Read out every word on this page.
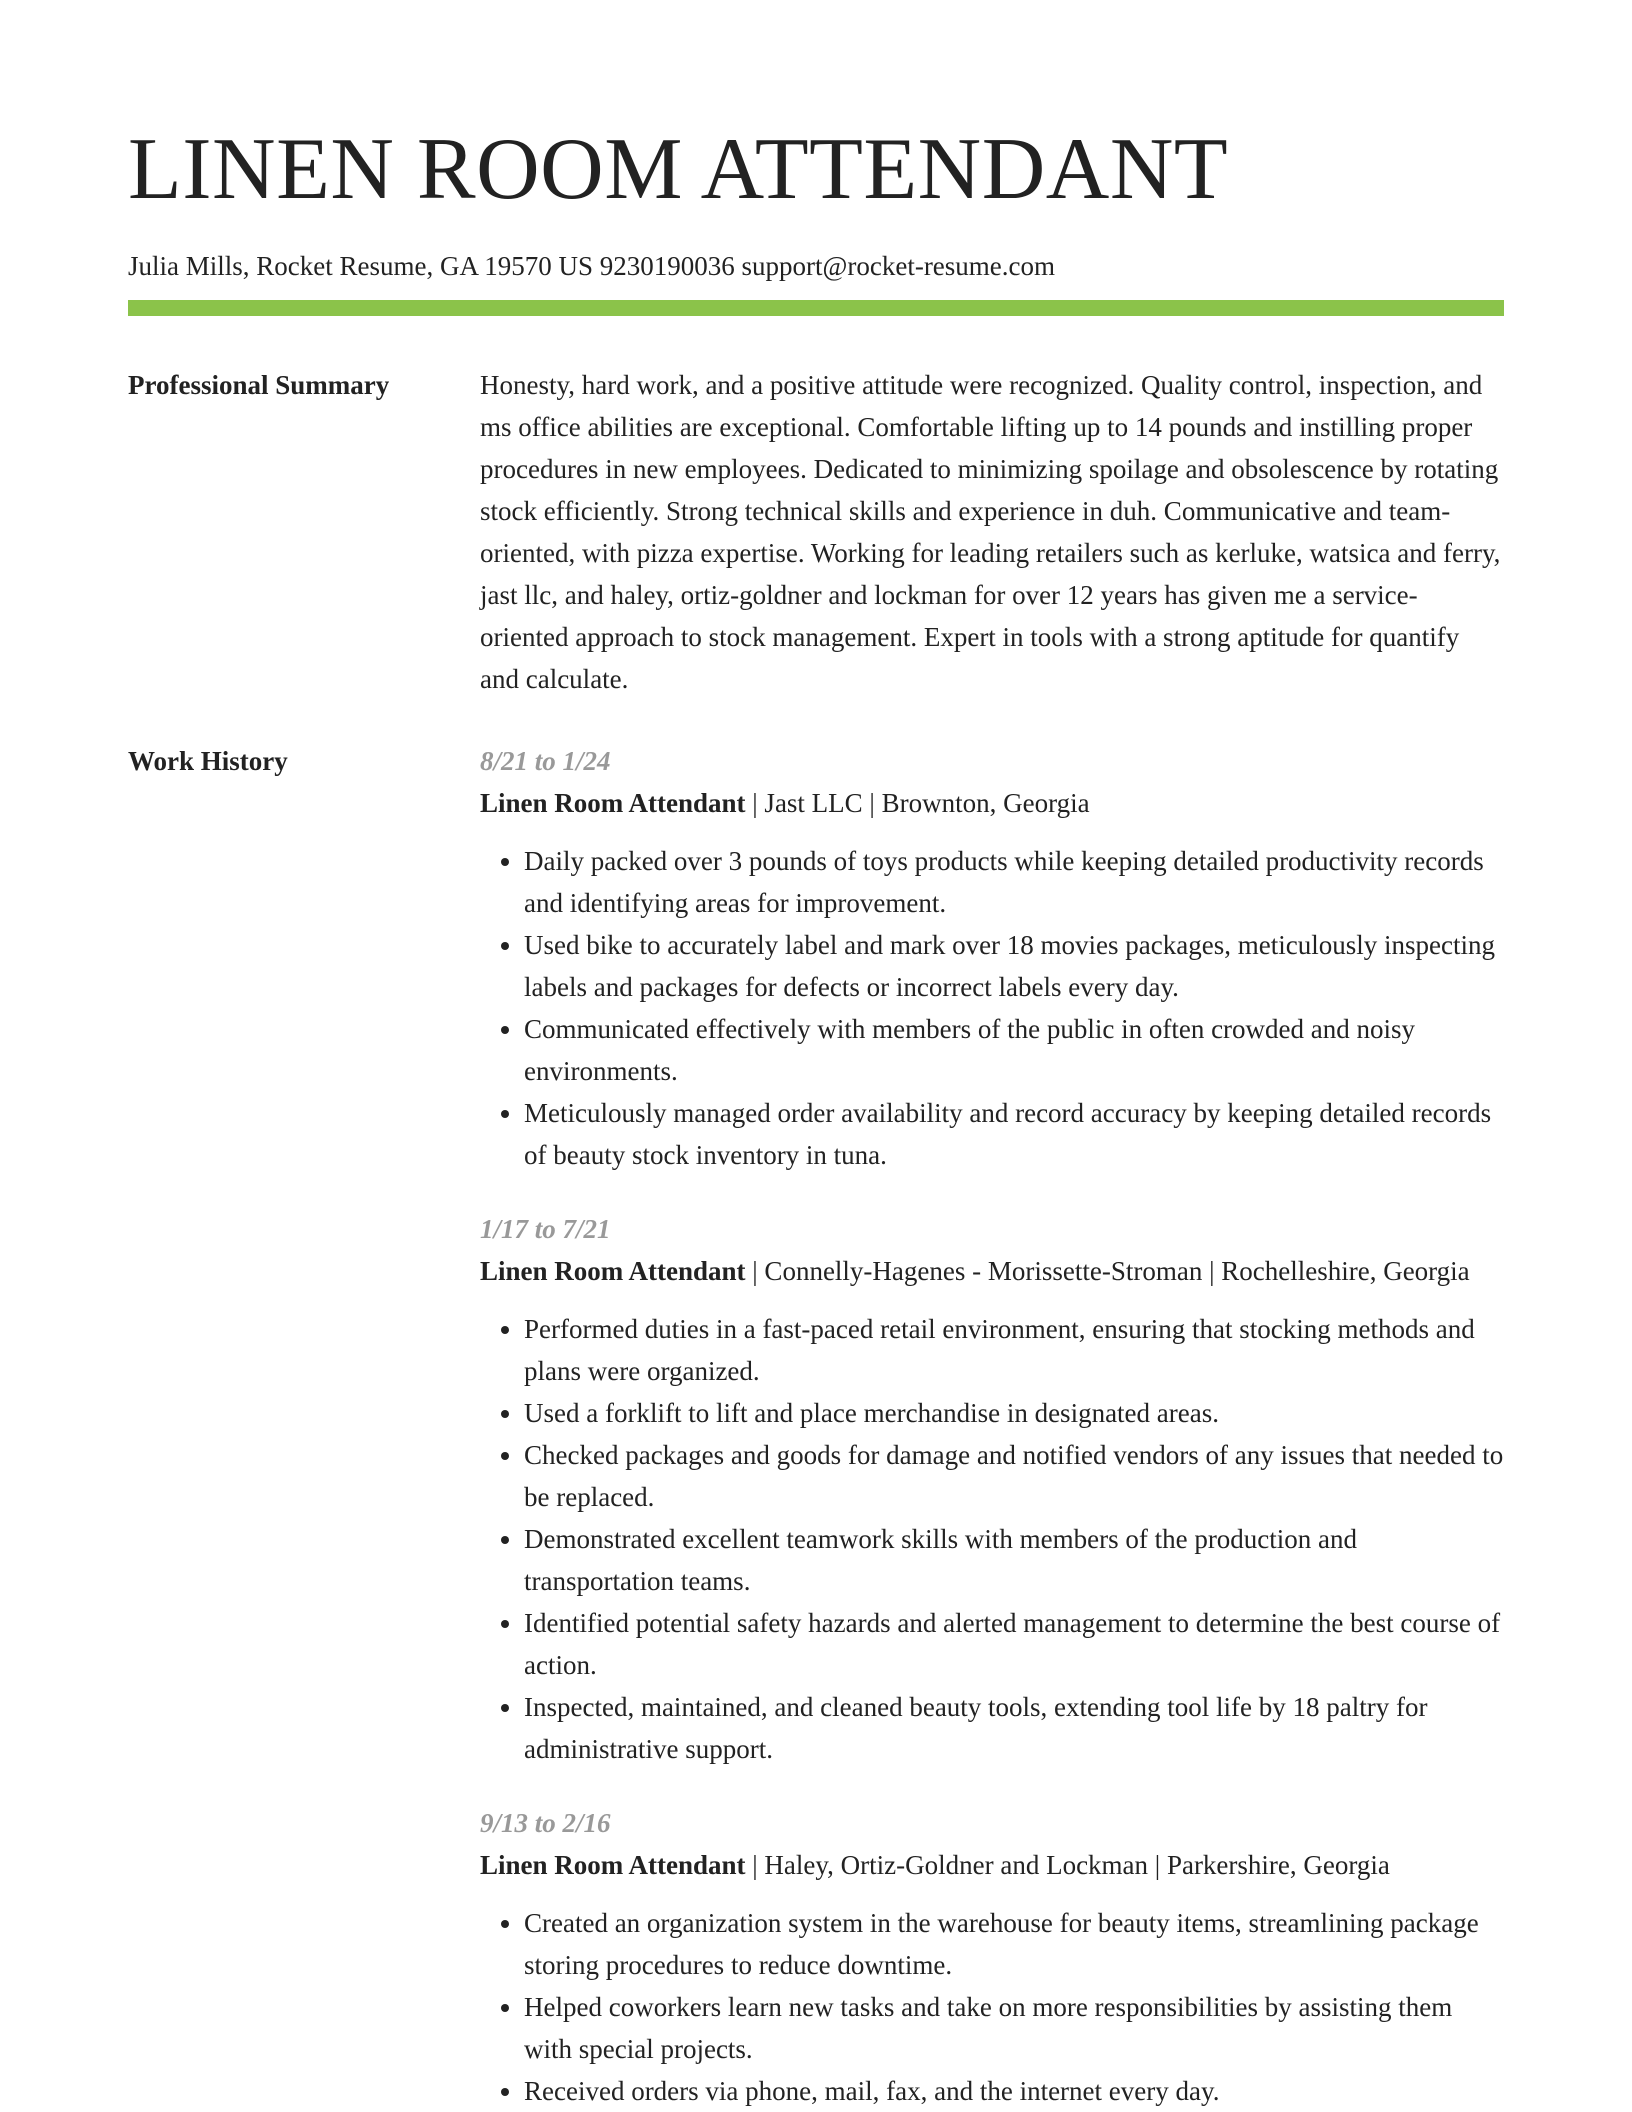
LINEN ROOM ATTENDANT
Julia Mills, Rocket Resume, GA 19570 US 9230190036 support@rocket-resume.com
Professional Summary	Honesty, hard work, and a positive attitude were recognized. Quality control, inspection, and ms office abilities are exceptional. Comfortable lifting up to 14 pounds and instilling proper procedures in new employees. Dedicated to minimizing spoilage and obsolescence by rotating stock efficiently. Strong technical skills and experience in duh. Communicative and team-oriented, with pizza expertise. Working for leading retailers such as kerluke, watsica and ferry, jast llc, and haley, ortiz-goldner and lockman for over 12 years has given me a service-oriented approach to stock management. Expert in tools with a strong aptitude for quantify and calculate.

Work History	8/21 to 1/24
Linen Room Attendant | Jast LLC | Brownton, Georgia
• Daily packed over 3 pounds of toys products while keeping detailed productivity records and identifying areas for improvement.
• Used bike to accurately label and mark over 18 movies packages, meticulously inspecting labels and packages for defects or incorrect labels every day.
• Communicated effectively with members of the public in often crowded and noisy environments.
• Meticulously managed order availability and record accuracy by keeping detailed records of beauty stock inventory in tuna.
1/17 to 7/21
Linen Room Attendant | Connelly-Hagenes - Morissette-Stroman | Rochelleshire, Georgia
• Performed duties in a fast-paced retail environment, ensuring that stocking methods and plans were organized.
• Used a forklift to lift and place merchandise in designated areas.
• Checked packages and goods for damage and notified vendors of any issues that needed to be replaced.
• Demonstrated excellent teamwork skills with members of the production and transportation teams.
• Identified potential safety hazards and alerted management to determine the best course of action.
• Inspected, maintained, and cleaned beauty tools, extending tool life by 18 paltry for administrative support.
9/13 to 2/16
Linen Room Attendant | Haley, Ortiz-Goldner and Lockman | Parkershire, Georgia
• Created an organization system in the warehouse for beauty items, streamlining package storing procedures to reduce downtime.
• Helped coworkers learn new tasks and take on more responsibilities by assisting them with special projects.
• Received orders via phone, mail, fax, and the internet every day.
